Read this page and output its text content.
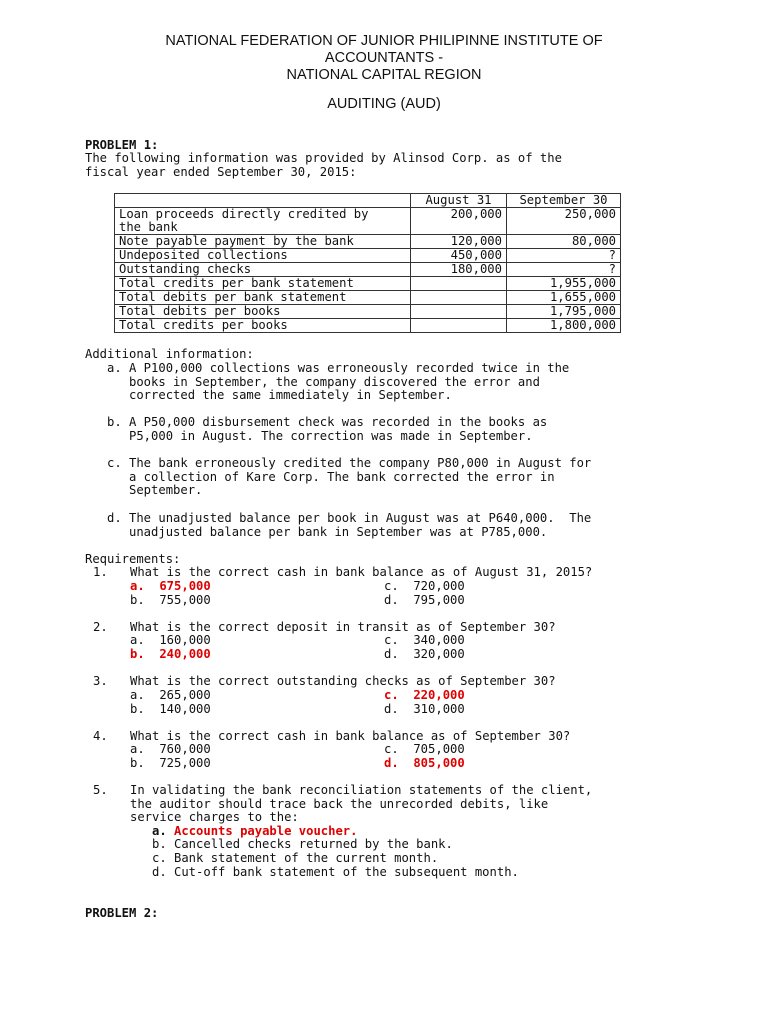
NATIONAL FEDERATION OF JUNIOR PHILIPINNE INSTITUTE OF
ACCOUNTANTS -
NATIONAL CAPITAL REGION
AUDITING (AUD)
PROBLEM 1:
The following information was provided by Alinsod Corp. as of the
fiscal year ended September 30, 2015:
	August 31	September 30
Loan proceeds directly credited by
the bank	200,000	250,000
Note payable payment by the bank	120,000	80,000
Undeposited collections	450,000	?
Outstanding checks	180,000	?
Total credits per bank statement		1,955,000
Total debits per bank statement		1,655,000
Total debits per books		1,795,000
Total credits per books		1,800,000
Additional information:
a. A P100,000 collections was erroneously recorded twice in the
books in September, the company discovered the error and
corrected the same immediately in September.
b. A P50,000 disbursement check was recorded in the books as
P5,000 in August. The correction was made in September.
c. The bank erroneously credited the company P80,000 in August for
a collection of Kare Corp. The bank corrected the error in
September.
d. The unadjusted balance per book in August was at P640,000.  The
unadjusted balance per bank in September was at P785,000.
Requirements:
1. What is the correct cash in bank balance as of August 31, 2015?
a.  675,000
b.  755,000
c.  720,000
d.  795,000
2. What is the correct deposit in transit as of September 30?
a.  160,000
b.  240,000
c.  340,000
d.  320,000
3. What is the correct outstanding checks as of September 30?
a.  265,000
b.  140,000
c.  220,000
d.  310,000
4. What is the correct cash in bank balance as of September 30?
a.  760,000
b.  725,000
c.  705,000
d.  805,000
5. In validating the bank reconciliation statements of the client,
the auditor should trace back the unrecorded debits, like
service charges to the:
a. Accounts payable voucher.
b. Cancelled checks returned by the bank.
c. Bank statement of the current month.
d. Cut-off bank statement of the subsequent month.
PROBLEM 2:
